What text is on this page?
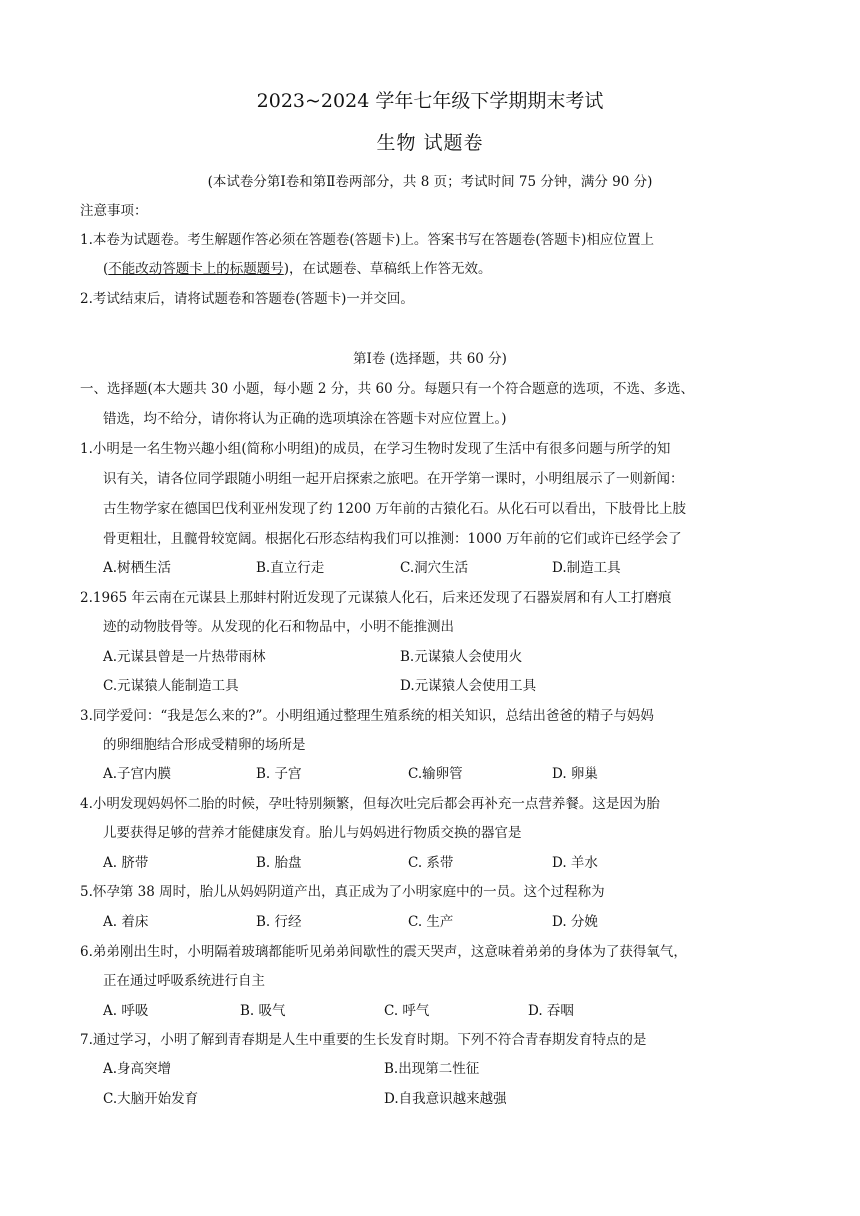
2023~2024 学年七年级下学期期末考试
生物 试题卷
(本试卷分第Ⅰ卷和第Ⅱ卷两部分，共 8 页；考试时间 75 分钟，满分 90 分)
注意事项：
1.本卷为试题卷。考生解题作答必须在答题卷(答题卡)上。答案书写在答题卷(答题卡)相应位置上
(不能改动答题卡上的标题题号)，在试题卷、草稿纸上作答无效。
2.考试结束后，请将试题卷和答题卷(答题卡)一并交回。
第Ⅰ卷 (选择题，共 60 分)
一、选择题(本大题共 30 小题，每小题 2 分，共 60 分。每题只有一个符合题意的选项，不选、多选、
错选，均不给分，请你将认为正确的选项填涂在答题卡对应位置上。)
1.小明是一名生物兴趣小组(简称小明组)的成员，在学习生物时发现了生活中有很多问题与所学的知
识有关，请各位同学跟随小明组一起开启探索之旅吧。在开学第一课时，小明组展示了一则新闻：
古生物学家在德国巴伐利亚州发现了约 1200 万年前的古猿化石。从化石可以看出，下肢骨比上肢
骨更粗壮，且髋骨较宽阔。根据化石形态结构我们可以推测：1000 万年前的它们或许已经学会了
A.树栖生活	B.直立行走	C.洞穴生活	D.制造工具
2.1965 年云南在元谋县上那蚌村附近发现了元谋猿人化石，后来还发现了石器炭屑和有人工打磨痕
迹的动物肢骨等。从发现的化石和物品中，小明不能推测出
A.元谋县曾是一片热带雨林	B.元谋猿人会使用火
C.元谋猿人能制造工具	D.元谋猿人会使用工具
3.同学爱问：“我是怎么来的?”。小明组通过整理生殖系统的相关知识，总结出爸爸的精子与妈妈
的卵细胞结合形成受精卵的场所是
A.子宫内膜	B. 子宫	C.输卵管	D. 卵巢
4.小明发现妈妈怀二胎的时候，孕吐特别频繁，但每次吐完后都会再补充一点营养餐。这是因为胎
儿要获得足够的营养才能健康发育。胎儿与妈妈进行物质交换的器官是
A. 脐带	B. 胎盘	C. 系带	D. 羊水
5.怀孕第 38 周时，胎儿从妈妈阴道产出，真正成为了小明家庭中的一员。这个过程称为
A. 着床	B. 行经	C. 生产	D. 分娩
6.弟弟刚出生时，小明隔着玻璃都能听见弟弟间歇性的震天哭声，这意味着弟弟的身体为了获得氧气，
正在通过呼吸系统进行自主
A. 呼吸	B. 吸气	C. 呼气	D. 吞咽
7.通过学习，小明了解到青春期是人生中重要的生长发育时期。下列不符合青春期发育特点的是
A.身高突增	B.出现第二性征
C.大脑开始发育	D.自我意识越来越强
